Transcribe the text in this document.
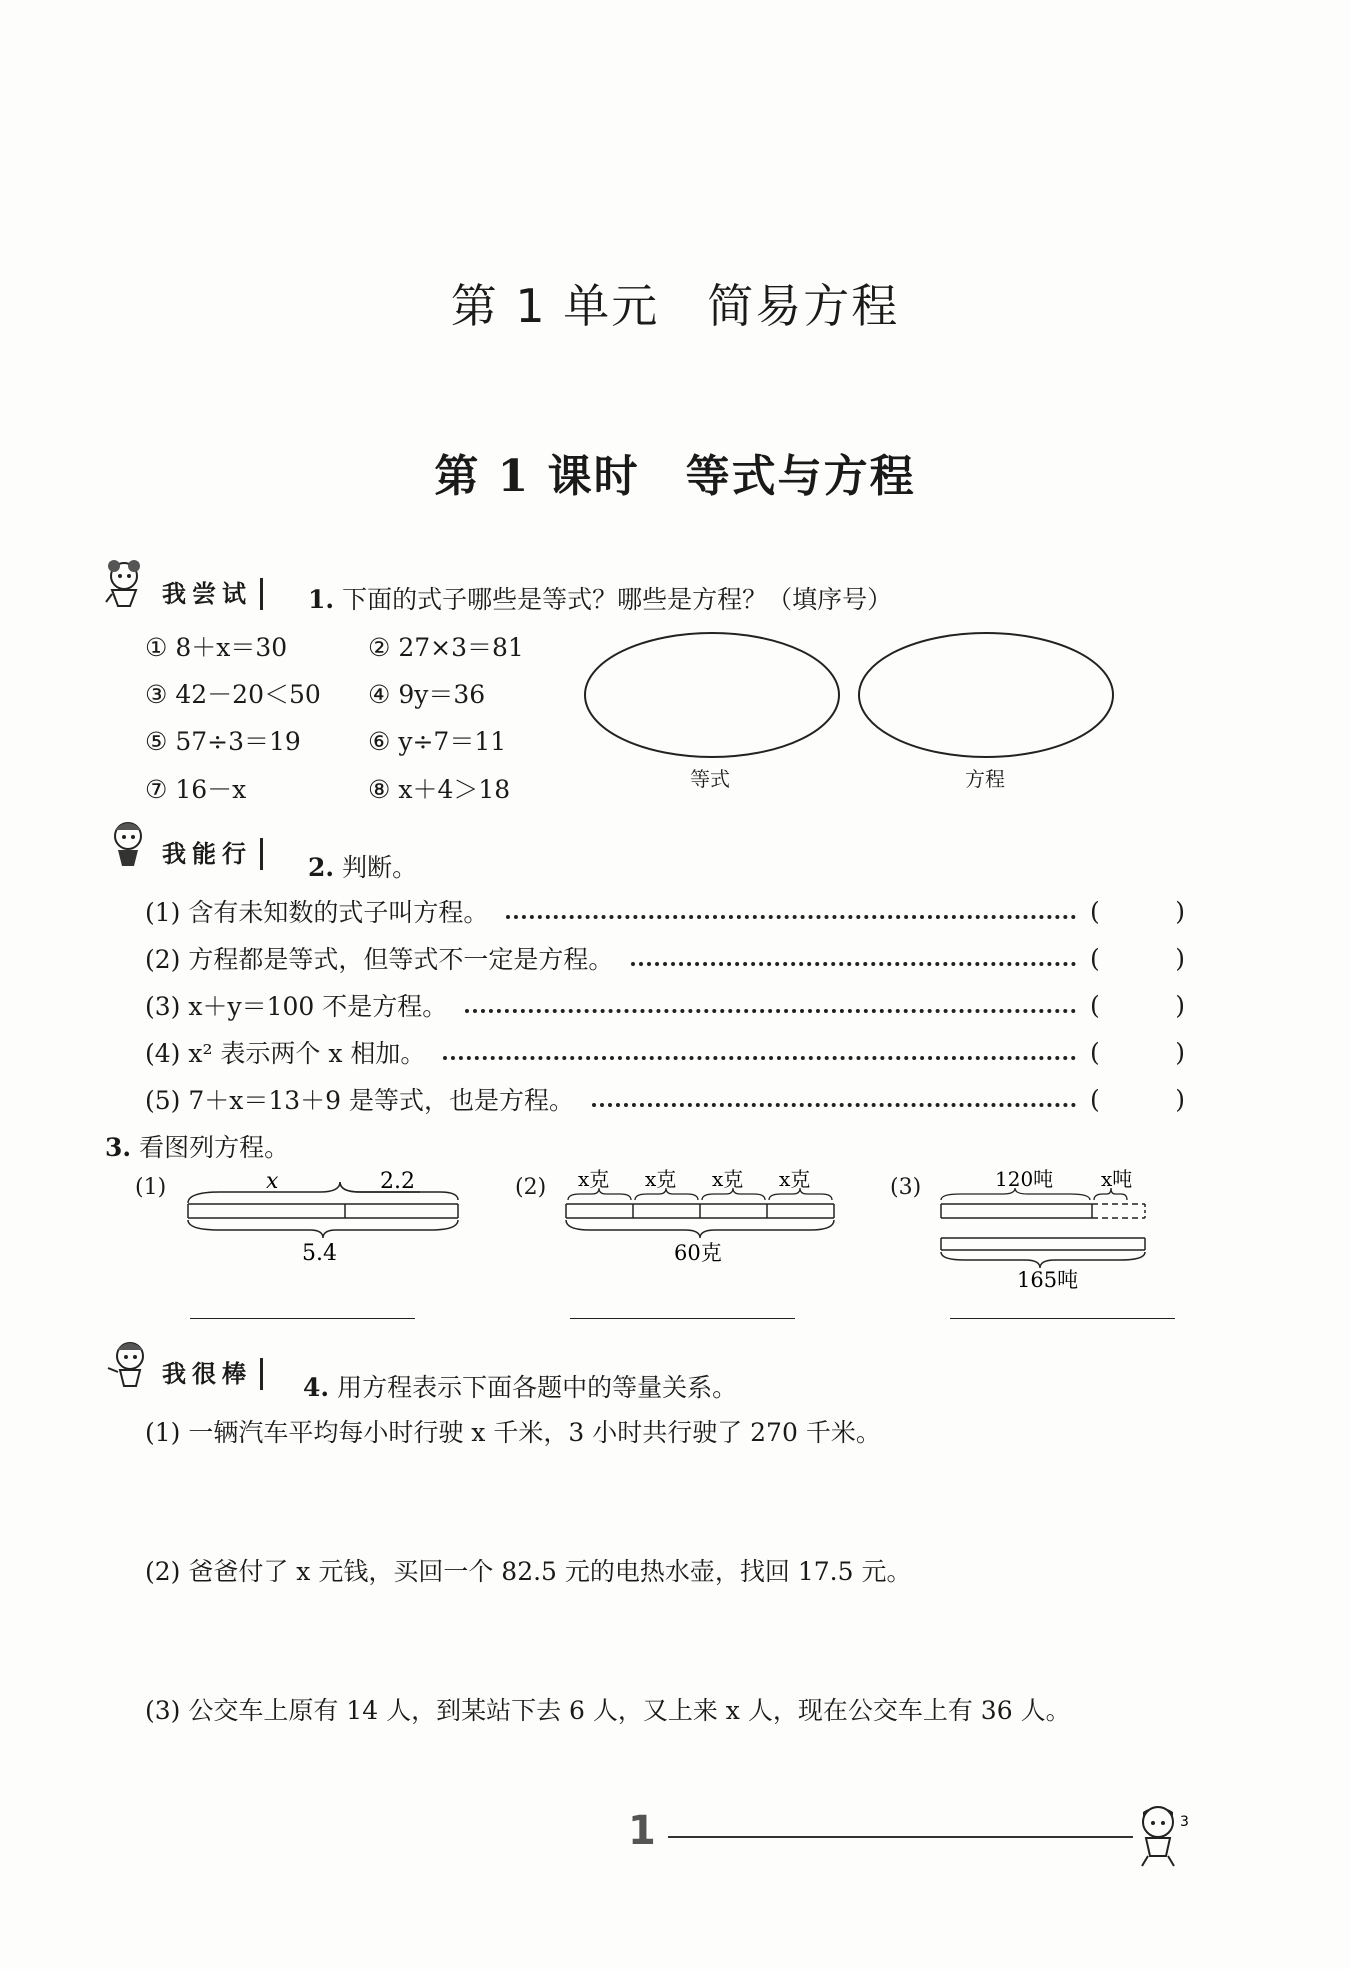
第 1 单元　简易方程
第 1 课时　等式与方程
我尝试	1. 下面的式子哪些是等式？哪些是方程？（填序号）
① 8＋x＝30	② 27×3＝81
③ 42－20＜50 ④ 9y＝36
⑤ 57÷3＝19	⑥ y÷7＝11
⑦ 16－x	⑧ x＋4＞18	等式	方程
我能行	2. 判断。
(1) 含有未知数的式子叫方程。	(	)
(2) 方程都是等式，但等式不一定是方程。	(	)
(3) x＋y＝100 不是方程。	(	)
(4) x² 表示两个 x 相加。	(	)
(5) 7＋x＝13＋9 是等式，也是方程。	(	)
3. 看图列方程。
(1)	x	2.2
5.4
(2) x克 x克 x克 x克
60克
(3)	120吨 x吨
165吨
我很棒	4. 用方程表示下面各题中的等量关系。
(1) 一辆汽车平均每小时行驶 x 千米，3 小时共行驶了 270 千米。
(2) 爸爸付了 x 元钱，买回一个 82.5 元的电热水壶，找回 17.5 元。
(3) 公交车上原有 14 人，到某站下去 6 人，又上来 x 人，现在公交车上有 36 人。
1	3
